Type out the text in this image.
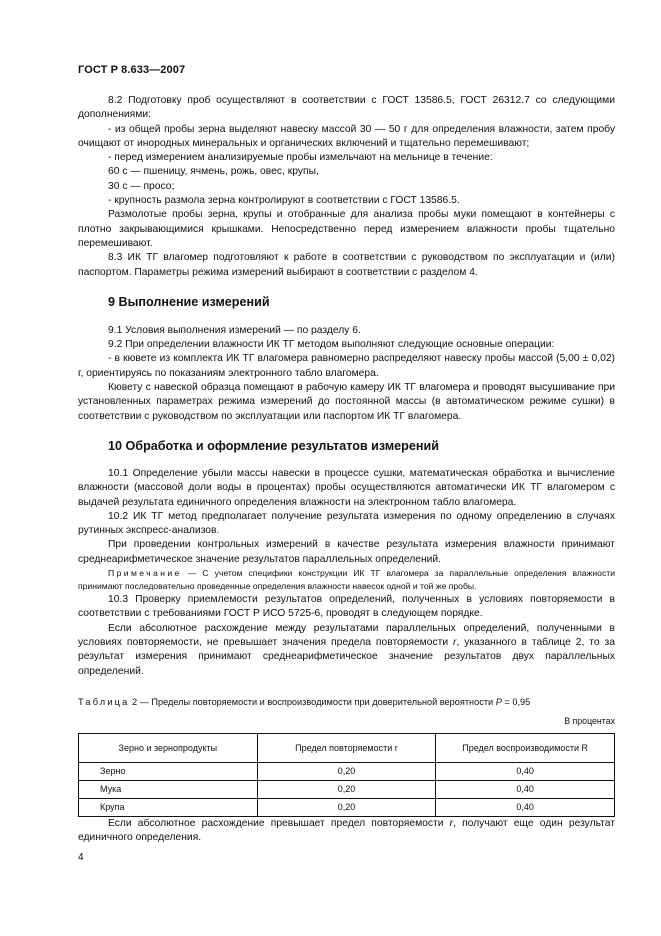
ГОСТ Р 8.633—2007

8.2 Подготовку проб осуществляют в соответствии с ГОСТ 13586.5, ГОСТ 26312.7 со следующими дополнениями:

- из общей пробы зерна выделяют навеску массой 30 — 50 г для определения влажности, затем пробу очищают от инородных минеральных и органических включений и тщательно перемешивают;

- перед измерением анализируемые пробы измельчают на мельнице в течение:

60 с — пшеницу, ячмень, рожь, овес, крупы,

30 с — просо;

- крупность размола зерна контролируют в соответствии с ГОСТ 13586.5.

Размолотые пробы зерна, крупы и отобранные для анализа пробы муки помещают в контейнеры с плотно закрывающимися крышками. Непосредственно перед измерением влажности пробы тщательно перемешивают.

8.3 ИК ТГ влагомер подготовляют к работе в соответствии с руководством по эксплуатации и (или) паспортом. Параметры режима измерений выбирают в соответствии с разделом 4.

9 Выполнение измерений

9.1 Условия выполнения измерений — по разделу 6.

9.2 При определении влажности ИК ТГ методом выполняют следующие основные операции:

- в кювете из комплекта ИК ТГ влагомера равномерно распределяют навеску пробы массой (5,00 ± 0,02) г, ориентируясь по показаниям электронного табло влагомера.

Кювету с навеской образца помещают в рабочую камеру ИК ТГ влагомера и проводят высушивание при установленных параметрах режима измерений до постоянной массы (в автоматическом режиме сушки) в соответствии с руководством по эксплуатации или паспортом ИК ТГ влагомера.

10 Обработка и оформление результатов измерений

10.1 Определение убыли массы навески в процессе сушки, математическая обработка и вычисление влажности (массовой доли воды в процентах) пробы осуществляются автоматически ИК ТГ влагомером с выдачей результата единичного определения влажности на электронном табло влагомера.

10.2 ИК ТГ метод предполагает получение результата измерения по одному определению в случаях рутинных экспресс-анализов.

При проведении контрольных измерений в качестве результата измерения влажности принимают среднеарифметическое значение результатов параллельных определений.

Примечание — С учетом специфики конструкции ИК ТГ влагомера за параллельные определения влажности принимают последовательно проведенные определения влажности навесок одной и той же пробы.

10.3 Проверку приемлемости результатов определений, полученных в условиях повторяемости в соответствии с требованиями ГОСТ Р ИСО 5725-6, проводят в следующем порядке.

Если абсолютное расхождение между результатами параллельных определений, полученными в условиях повторяемости, не превышает значения предела повторяемости r, указанного в таблице 2, то за результат измерения принимают среднеарифметическое значение результатов двух параллельных определений.

Таблица 2 — Пределы повторяемости и воспроизводимости при доверительной вероятности P = 0,95
В процентах
Зерно и зернопродукты	Предел повторяемости r	Предел воспроизводимости R
Зерно	0,20	0,40
Мука	0,20	0,40
Крупа	0,20	0,40

Если абсолютное расхождение превышает предел повторяемости r, получают еще один результат единичного определения.

4
